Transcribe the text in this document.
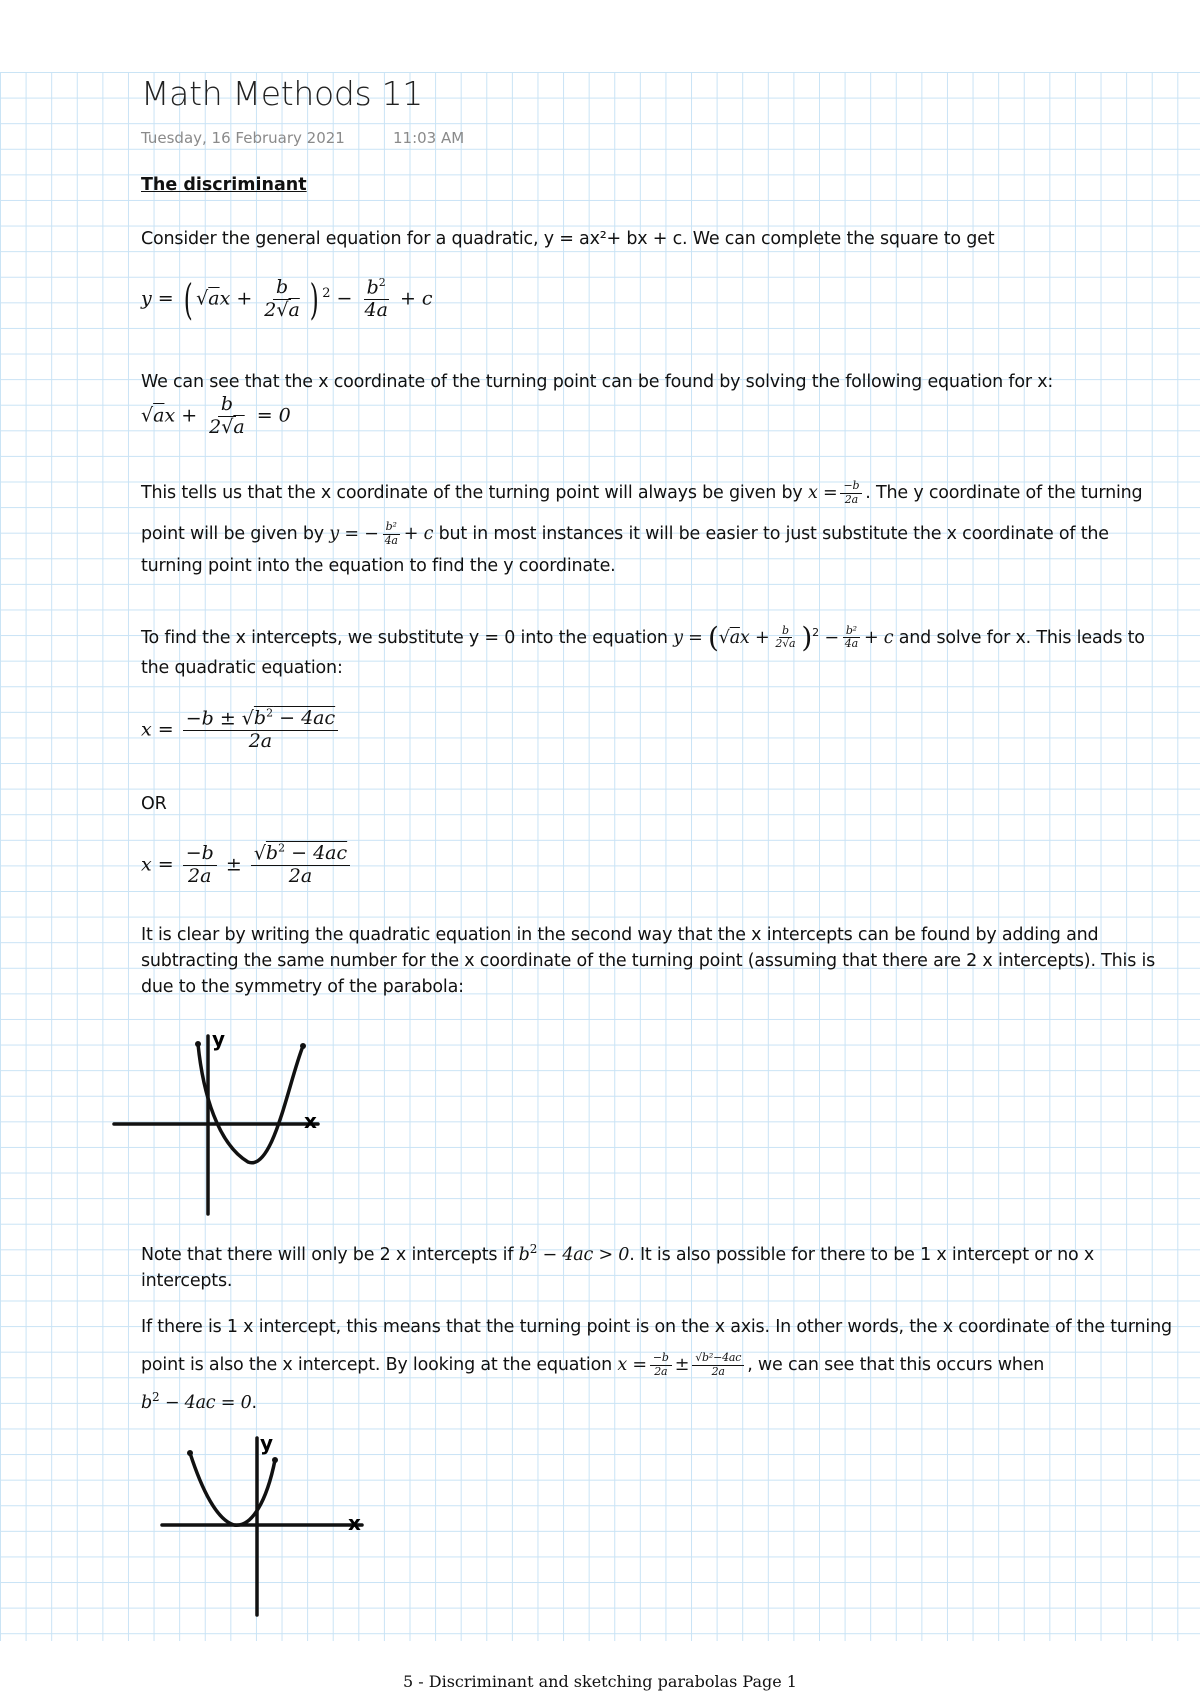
Math Methods 11
Tuesday, 16 February 2021	11:03 AM
The discriminant
Consider the general equation for a quadratic, y = ax²+ bx + c. We can complete the square to get
y = ( $√ax + \frac{b}{2√a}$ ) $^2 - \frac{b^2}{4a} + c$
We can see that the x coordinate of the turning point can be found by solving the following equation for x:
$√ax + \frac{b}{2√a} = 0$
This tells us that the x coordinate of the turning point will always be given by $x = \frac{-b}{2a}$ . The y coordinate of the turning
point will be given by y = − $\frac{\text{b²}}{4a} + c$ but in most instances it will be easier to just substitute the x coordinate of the
turning point into the equation to find the y coordinate.
To find the x intercepts, we substitute y = 0 into the equation $y = (√ax + \frac{b}{2√a} )^2 - \frac{\text{b²}}{4a} + c$ and solve for x. This leads to
the quadratic equation:
$x = \frac{-b \pm √b^2 - 4ac}{2a}$
OR
$x = \frac{-b}{2a} \pm \frac{√b^2 - 4ac}{2a}$
It is clear by writing the quadratic equation in the second way that the x intercepts can be found by adding and subtracting the same number for the x coordinate of the turning point (assuming that there are 2 x intercepts). This is due to the symmetry of the parabola:
y
x
Note that there will only be 2 x intercepts if $b^2 - 4ac > 0$. It is also possible for there to be 1 x intercept or no x intercepts.
If there is 1 x intercept, this means that the turning point is on the x axis. In other words, the x coordinate of the turning
point is also the x intercept. By looking at the equation $x = \frac{-b}{2a} \pm \frac{\text{√b²−4ac}}{2a}$ , we can see that this occurs when
$b^2 - 4ac = 0$.
y
x
5 - Discriminant and sketching parabolas Page 1
